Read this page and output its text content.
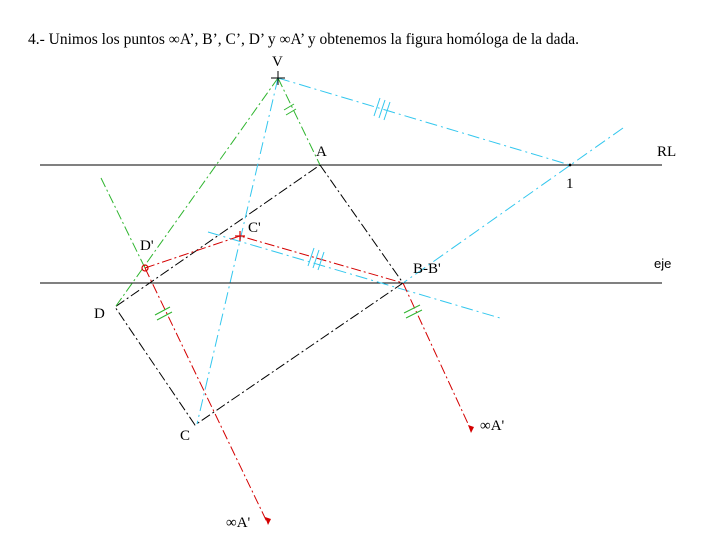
4.- Unimos los puntos ∞A’, B’, C’, D’ y ∞A’ y obtenemos la figura homóloga de la dada.
V
A	RL
1
C'
D'
B-B'	eje
D
C
∞A'
∞A'
